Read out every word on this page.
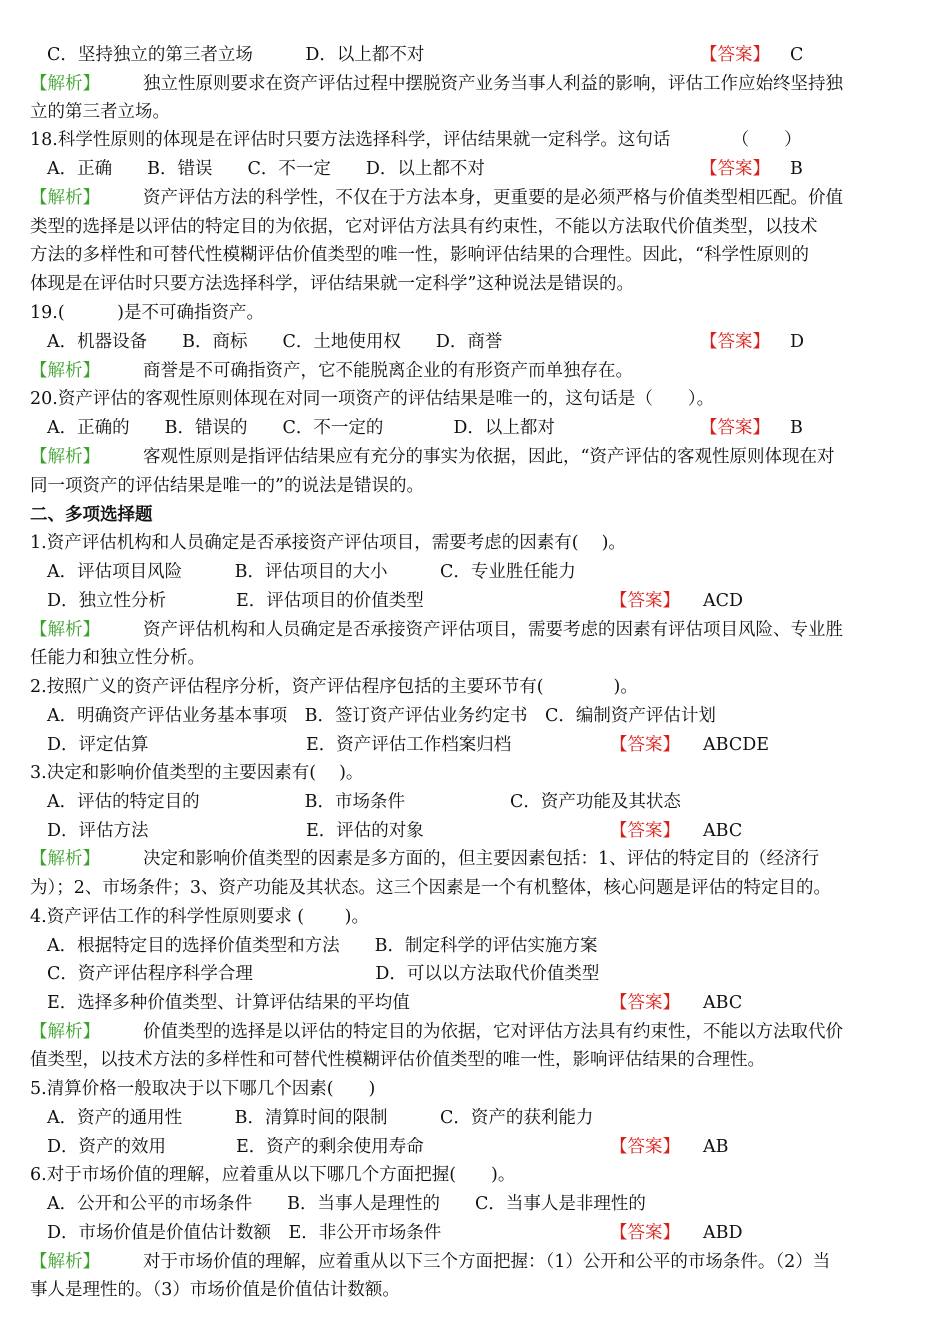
C．坚持独立的第三者立场　　　D．以上都不对	【答案】 C
【解析】 独立性原则要求在资产评估过程中摆脱资产业务当事人利益的影响，评估工作应始终坚持独
立的第三者立场。
18.科学性原则的体现是在评估时只要方法选择科学，评估结果就一定科学。这句话　　　　（　　）
A．正确　　B．错误　　C．不一定　　D．以上都不对	【答案】 B
【解析】 资产评估方法的科学性，不仅在于方法本身，更重要的是必须严格与价值类型相匹配。价值
类型的选择是以评估的特定目的为依据，它对评估方法具有约束性，不能以方法取代价值类型，以技术
方法的多样性和可替代性模糊评估价值类型的唯一性，影响评估结果的合理性。因此，“科学性原则的
体现是在评估时只要方法选择科学，评估结果就一定科学”这种说法是错误的。
19.(　　　)是不可确指资产。
A．机器设备　　B．商标　　C．土地使用权　　D．商誉	【答案】 D
【解析】 商誉是不可确指资产，它不能脱离企业的有形资产而单独存在。
20.资产评估的客观性原则体现在对同一项资产的评估结果是唯一的，这句话是（　　）。
A．正确的　　B．错误的　　C．不一定的　　　　D．以上都对	【答案】 B
【解析】 客观性原则是指评估结果应有充分的事实为依据，因此，“资产评估的客观性原则体现在对
同一项资产的评估结果是唯一的”的说法是错误的。
二、多项选择题
1.资产评估机构和人员确定是否承接资产评估项目，需要考虑的因素有(　 )。
A．评估项目风险　　　B．评估项目的大小　　　C．专业胜任能力
D．独立性分析　　　　E．评估项目的价值类型	【答案】 ACD
【解析】 资产评估机构和人员确定是否承接资产评估项目，需要考虑的因素有评估项目风险、专业胜
任能力和独立性分析。
2.按照广义的资产评估程序分析，资产评估程序包括的主要环节有(　　　　)。
A．明确资产评估业务基本事项　B．签订资产评估业务约定书　C．编制资产评估计划
D．评定估算　　　　　　　　　E．资产评估工作档案归档	【答案】 ABCDE
3.决定和影响价值类型的主要因素有(　 )。
A．评估的特定目的　　　　　　B．市场条件　　　　　　C．资产功能及其状态
D．评估方法　　　　　　　　　E．评估的对象	【答案】 ABC
【解析】 决定和影响价值类型的因素是多方面的，但主要因素包括：1、评估的特定目的（经济行
为）；2、市场条件；3、资产功能及其状态。这三个因素是一个有机整体，核心问题是评估的特定目的。
4.资产评估工作的科学性原则要求 (　　 )。
A．根据特定目的选择价值类型和方法　　B．制定科学的评估实施方案
C．资产评估程序科学合理　　　　　　　D．可以以方法取代价值类型
E．选择多种价值类型、计算评估结果的平均值	【答案】 ABC
【解析】 价值类型的选择是以评估的特定目的为依据，它对评估方法具有约束性，不能以方法取代价
值类型，以技术方法的多样性和可替代性模糊评估价值类型的唯一性，影响评估结果的合理性。
5.清算价格一般取决于以下哪几个因素(　　)
A．资产的通用性　　　B．清算时间的限制　　　C．资产的获利能力
D．资产的效用　　　　E．资产的剩余使用寿命	【答案】 AB
6.对于市场价值的理解，应着重从以下哪几个方面把握(　　)。
A．公开和公平的市场条件　　B．当事人是理性的　　C．当事人是非理性的
D．市场价值是价值估计数额　E．非公开市场条件	【答案】 ABD
【解析】 对于市场价值的理解，应着重从以下三个方面把握：（1）公开和公平的市场条件。（2）当
事人是理性的。（3）市场价值是价值估计数额。
